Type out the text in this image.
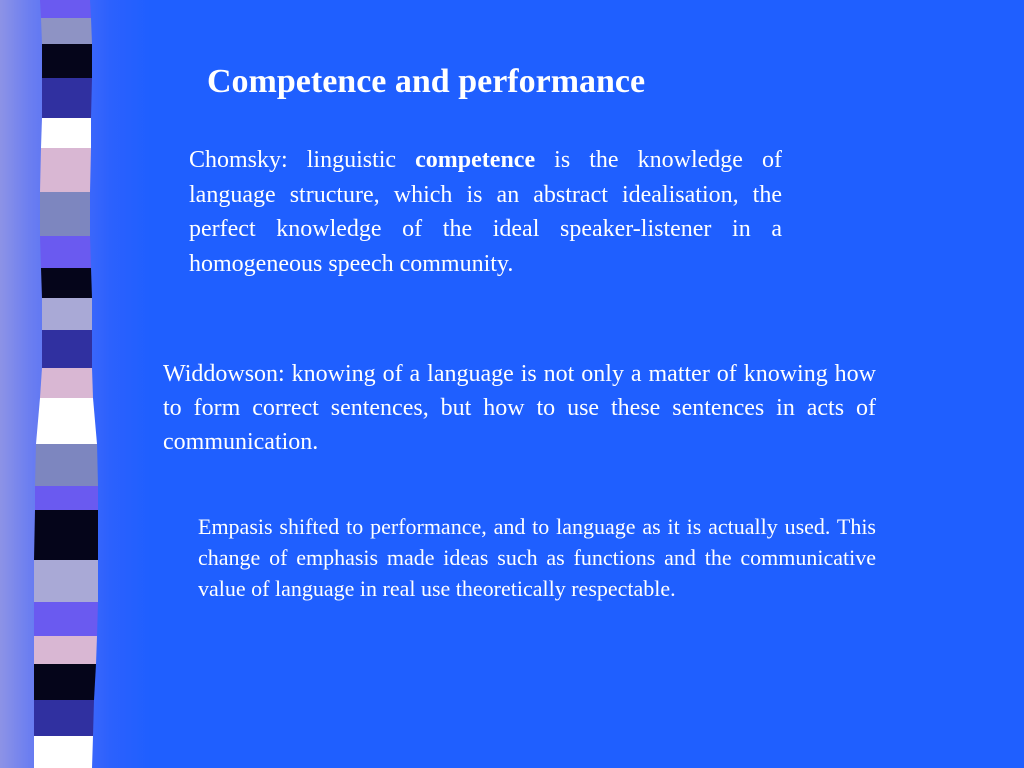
Competence and performance
Chomsky: linguistic competence is the knowledge of language structure, which is an abstract idealisation, the perfect knowledge of the ideal speaker-listener in a homogeneous speech community.
Widdowson: knowing of a language is not only a matter of knowing how to form correct sentences, but how to use these sentences in acts of communication.
Empasis shifted to performance, and to language as it is actually used. This change of emphasis made ideas such as functions and the communicative value of language in real use theoretically respectable.
